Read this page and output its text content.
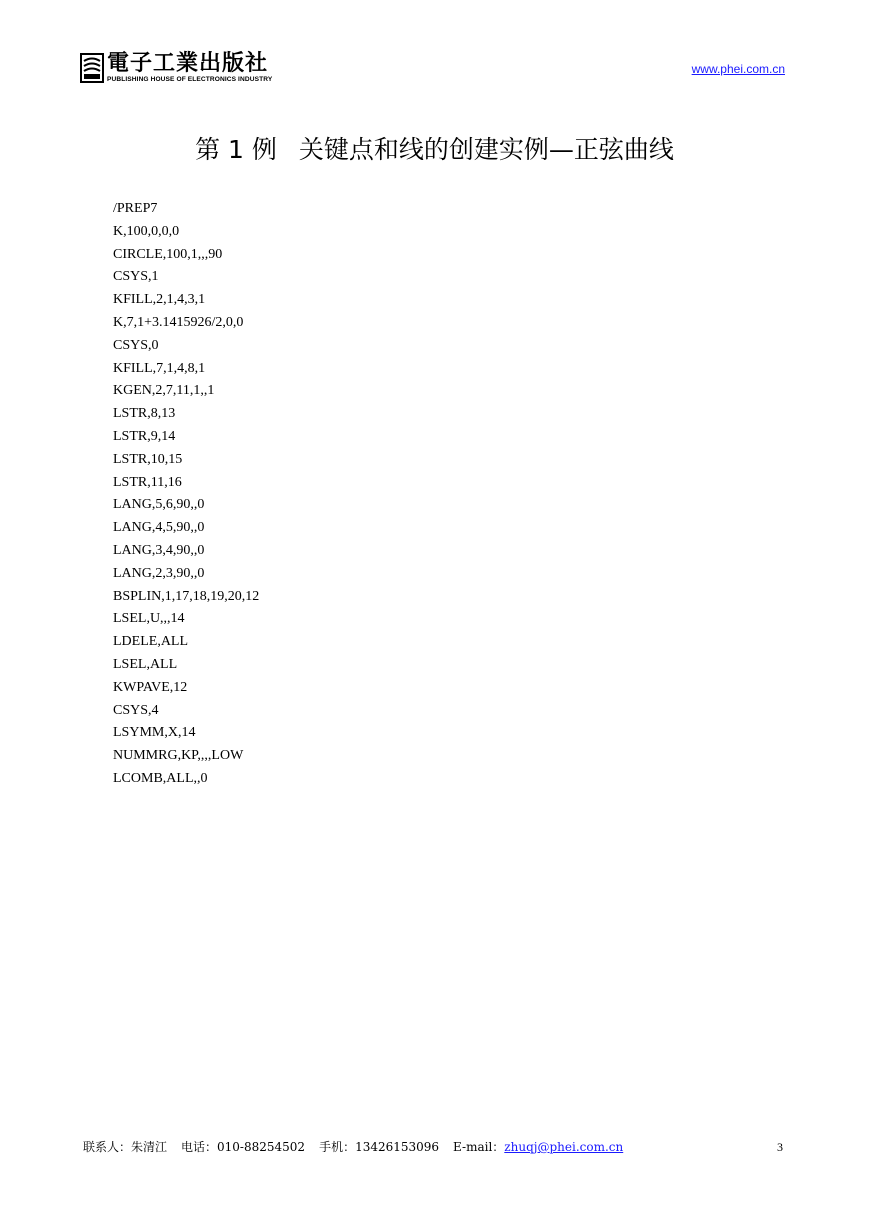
電子工業出版社
PUBLISHING HOUSE OF ELECTRONICS INDUSTRY
www.phei.com.cn
第 1 例 关键点和线的创建实例—正弦曲线
/PREP7
K,100,0,0,0
CIRCLE,100,1,,,90
CSYS,1
KFILL,2,1,4,3,1
K,7,1+3.1415926/2,0,0
CSYS,0
KFILL,7,1,4,8,1
KGEN,2,7,11,1,,1
LSTR,8,13
LSTR,9,14
LSTR,10,15
LSTR,11,16
LANG,5,6,90,,0
LANG,4,5,90,,0
LANG,3,4,90,,0
LANG,2,3,90,,0
BSPLIN,1,17,18,19,20,12
LSEL,U,,,14
LDELE,ALL
LSEL,ALL
KWPAVE,12
CSYS,4
LSYMM,X,14
NUMMRG,KP,,,,LOW
LCOMB,ALL,,0
联系人：朱清江 电话：010-88254502 手机：13426153096 E-mail：zhuqj@phei.com.cn	3
